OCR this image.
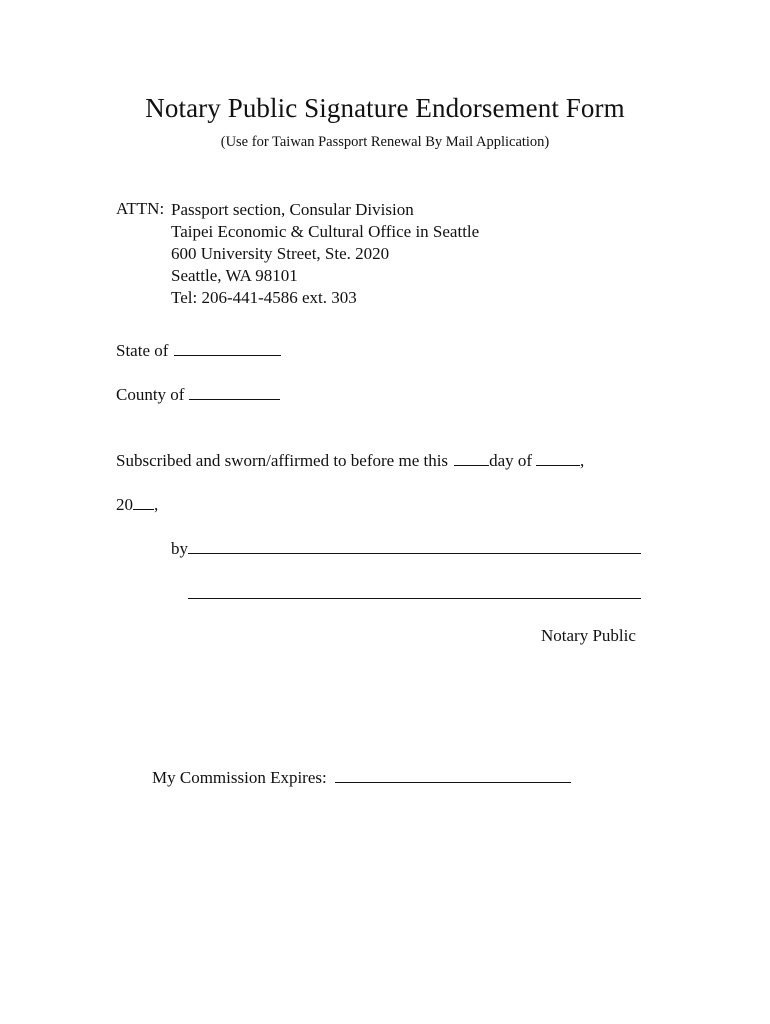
Notary Public Signature Endorsement Form
(Use for Taiwan Passport Renewal By Mail Application)
ATTN: Passport section, Consular Division
Taipei Economic & Cultural Office in Seattle
600 University Street, Ste. 2020
Seattle, WA 98101
Tel: 206-441-4586 ext. 303
State of
County of
Subscribed and sworn/affirmed to before me this day of	,
20 ,
by
Notary Public
My Commission Expires:
